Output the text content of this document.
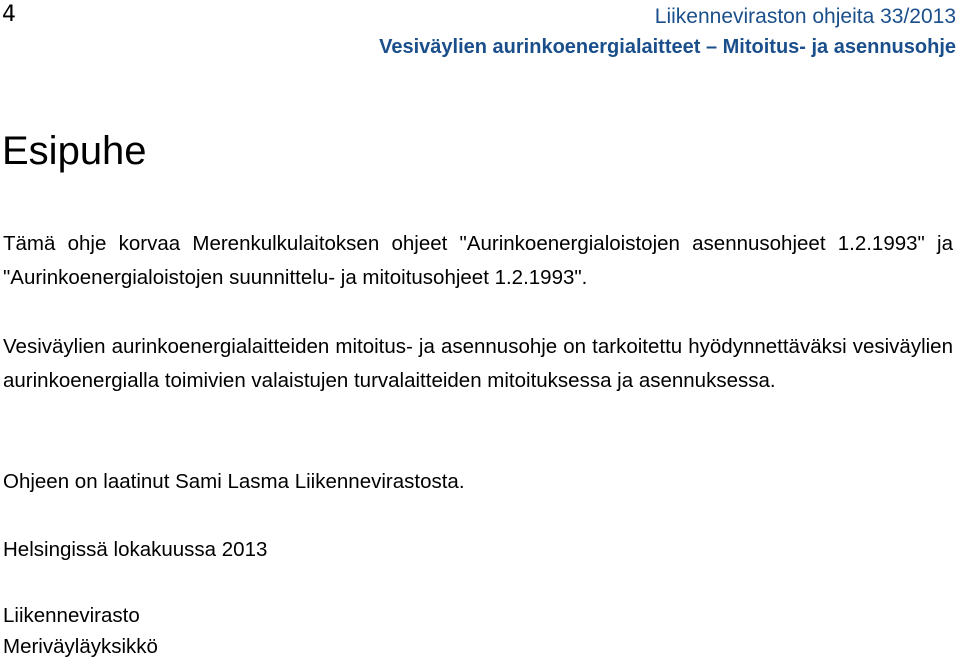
4	Liikenneviraston ohjeita 33/2013
Vesiväylien aurinkoenergialaitteet – Mitoitus- ja asennusohje
Esipuhe

Tämä ohje korvaa Merenkulkulaitoksen ohjeet "Aurinkoenergialoistojen asennusohjeet 1.2.1993" ja "Aurinkoenergialoistojen suunnittelu- ja mitoitusohjeet 1.2.1993".

Vesiväylien aurinkoenergialaitteiden mitoitus- ja asennusohje on tarkoitettu hyödynnettäväksi vesiväylien aurinkoenergialla toimivien valaistujen turvalaitteiden mitoituksessa ja asennuksessa.

Ohjeen on laatinut Sami Lasma Liikennevirastosta.

Helsingissä lokakuussa 2013

Liikennevirasto
Meriväyläyksikkö
